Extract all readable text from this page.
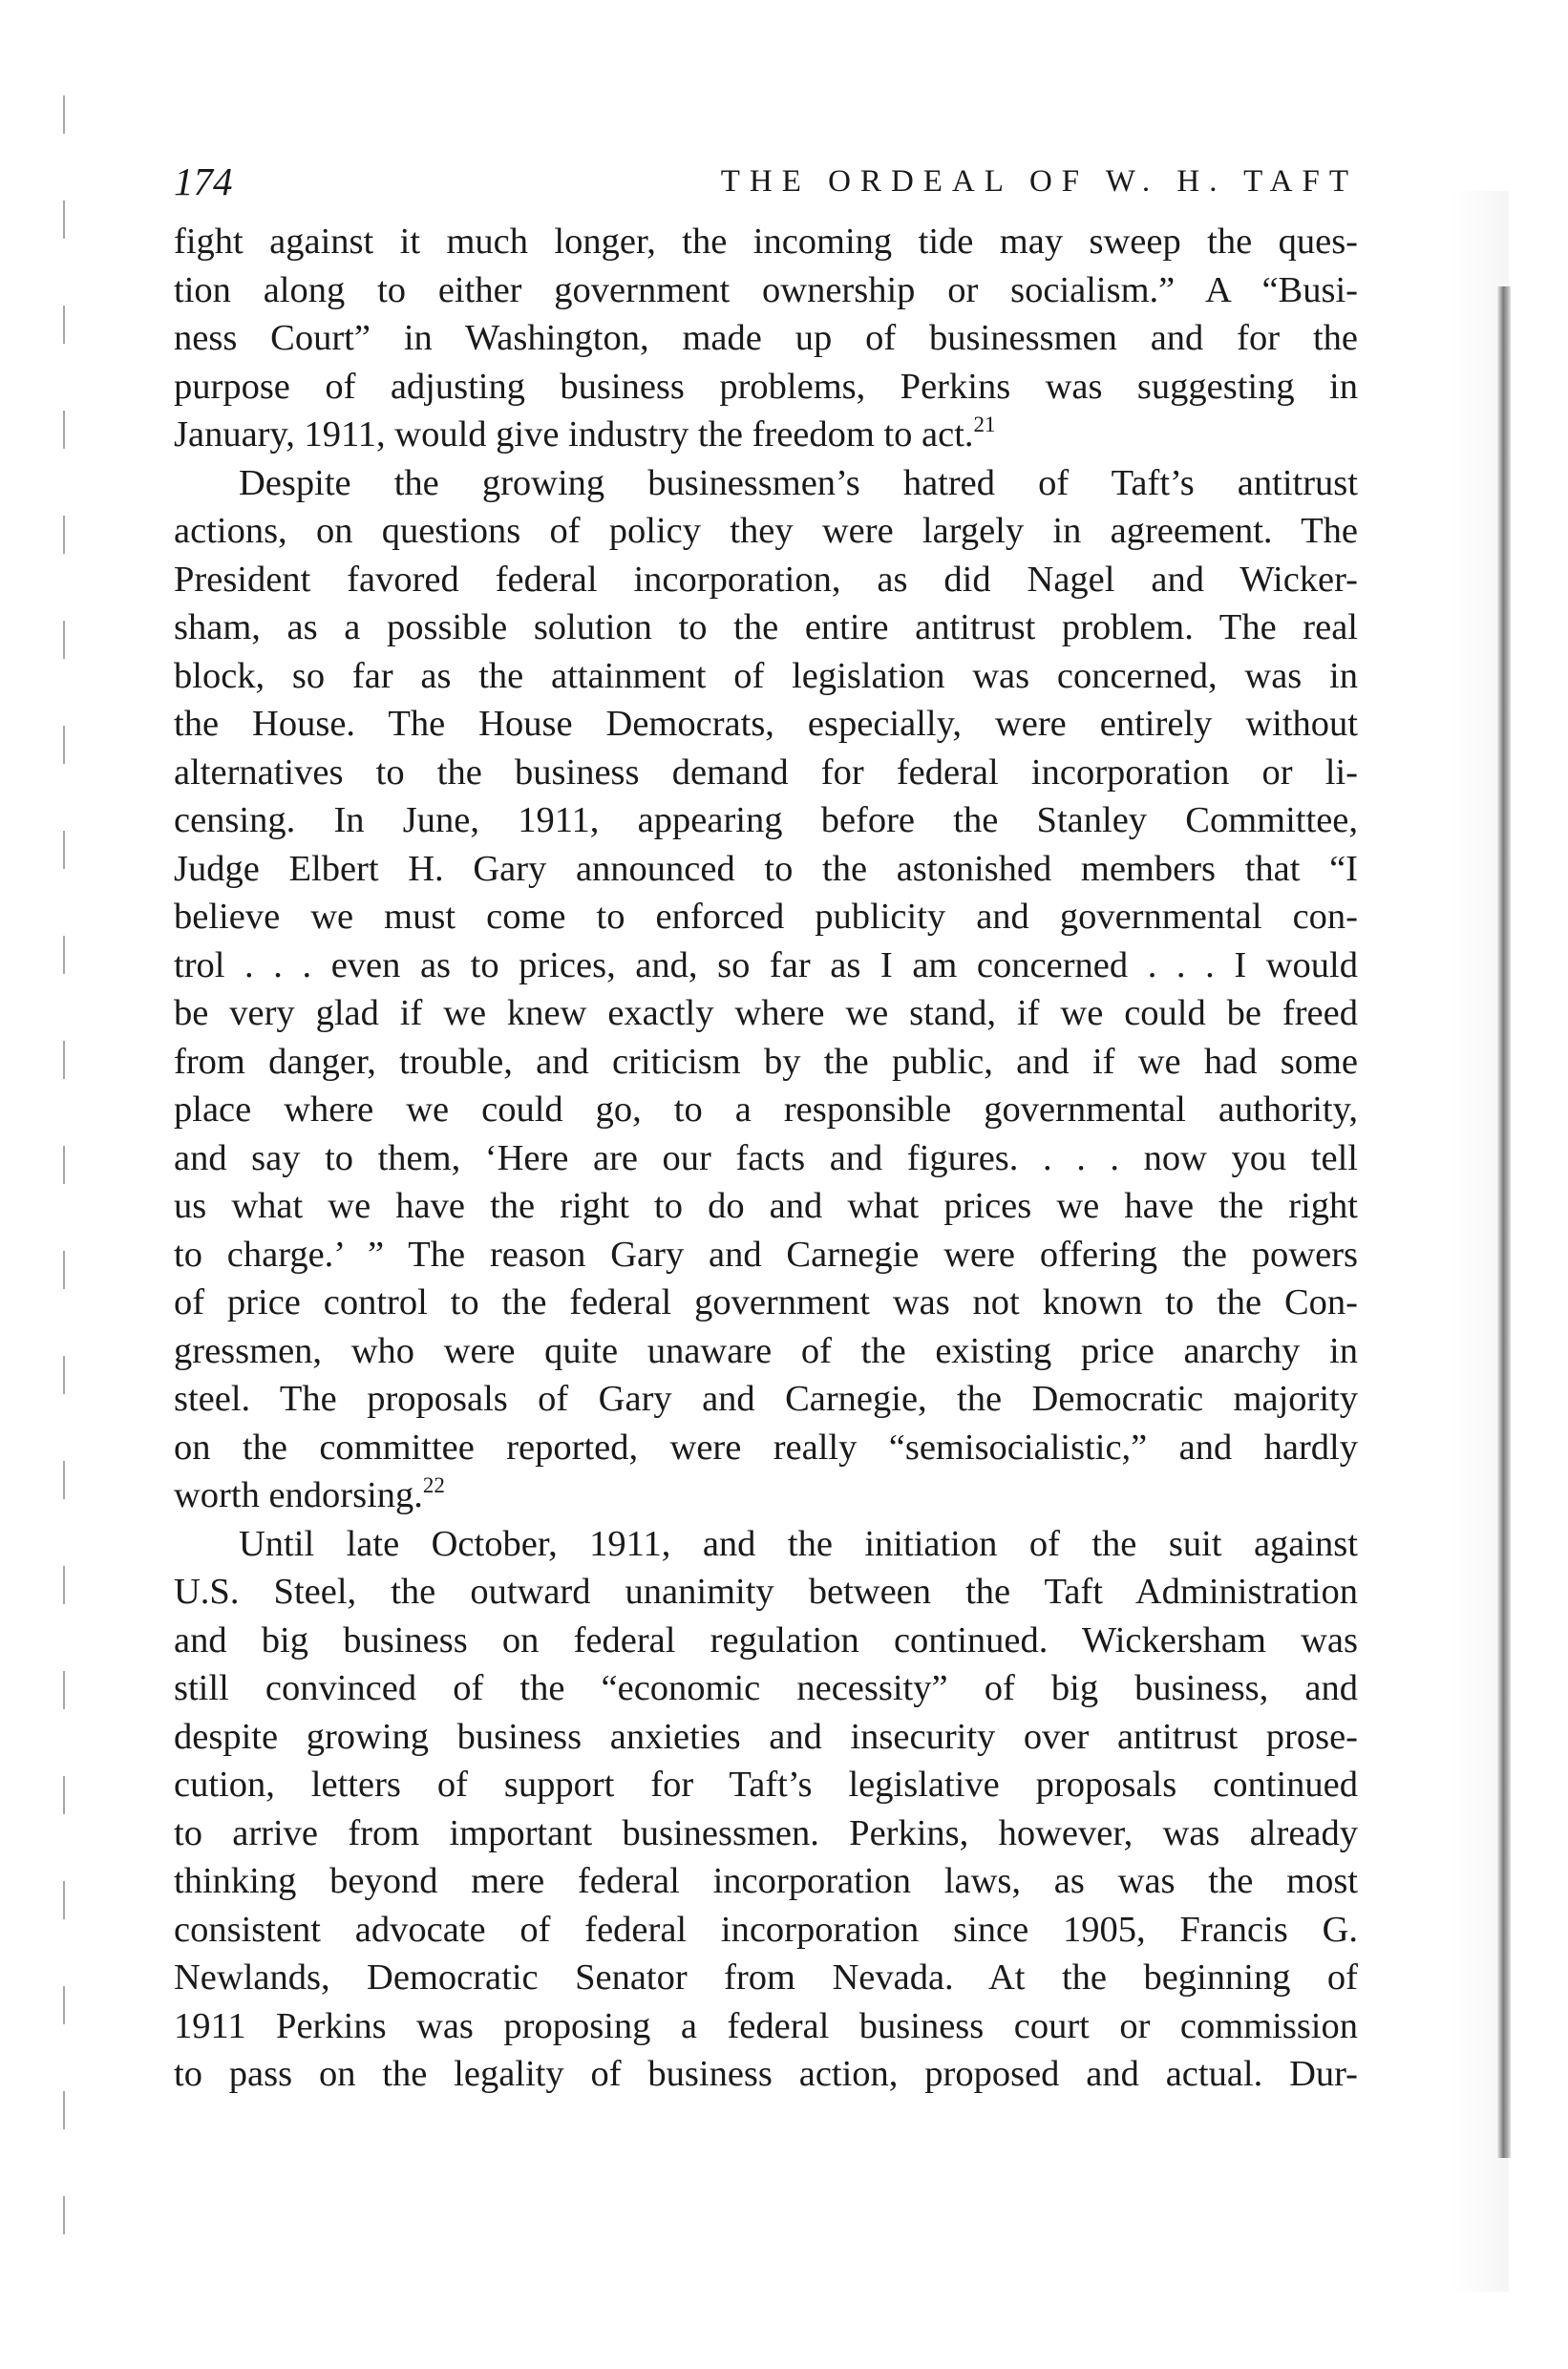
174	THE ORDEAL OF W. H. TAFT
fight against it much longer, the incoming tide may sweep the ques-
tion along to either government ownership or socialism.” A “Busi-
ness Court” in Washington, made up of businessmen and for the
purpose of adjusting business problems, Perkins was suggesting in
January, 1911, would give industry the freedom to act.$^{21}$
Despite the growing businessmen’s hatred of Taft’s antitrust
actions, on questions of policy they were largely in agreement. The
President favored federal incorporation, as did Nagel and Wicker-
sham, as a possible solution to the entire antitrust problem. The real
block, so far as the attainment of legislation was concerned, was in
the House. The House Democrats, especially, were entirely without
alternatives to the business demand for federal incorporation or li-
censing. In June, 1911, appearing before the Stanley Committee,
Judge Elbert H. Gary announced to the astonished members that “I
believe we must come to enforced publicity and governmental con-
trol . . . even as to prices, and, so far as I am concerned . . . I would
be very glad if we knew exactly where we stand, if we could be freed
from danger, trouble, and criticism by the public, and if we had some
place where we could go, to a responsible governmental authority,
and say to them, ‘Here are our facts and figures. . . . now you tell
us what we have the right to do and what prices we have the right
to charge.’ ” The reason Gary and Carnegie were offering the powers
of price control to the federal government was not known to the Con-
gressmen, who were quite unaware of the existing price anarchy in
steel. The proposals of Gary and Carnegie, the Democratic majority
on the committee reported, were really “semisocialistic,” and hardly
worth endorsing.$^{22}$
Until late October, 1911, and the initiation of the suit against
U.S. Steel, the outward unanimity between the Taft Administration
and big business on federal regulation continued. Wickersham was
still convinced of the “economic necessity” of big business, and
despite growing business anxieties and insecurity over antitrust prose-
cution, letters of support for Taft’s legislative proposals continued
to arrive from important businessmen. Perkins, however, was already
thinking beyond mere federal incorporation laws, as was the most
consistent advocate of federal incorporation since 1905, Francis G.
Newlands, Democratic Senator from Nevada. At the beginning of
1911 Perkins was proposing a federal business court or commission
to pass on the legality of business action, proposed and actual. Dur-
